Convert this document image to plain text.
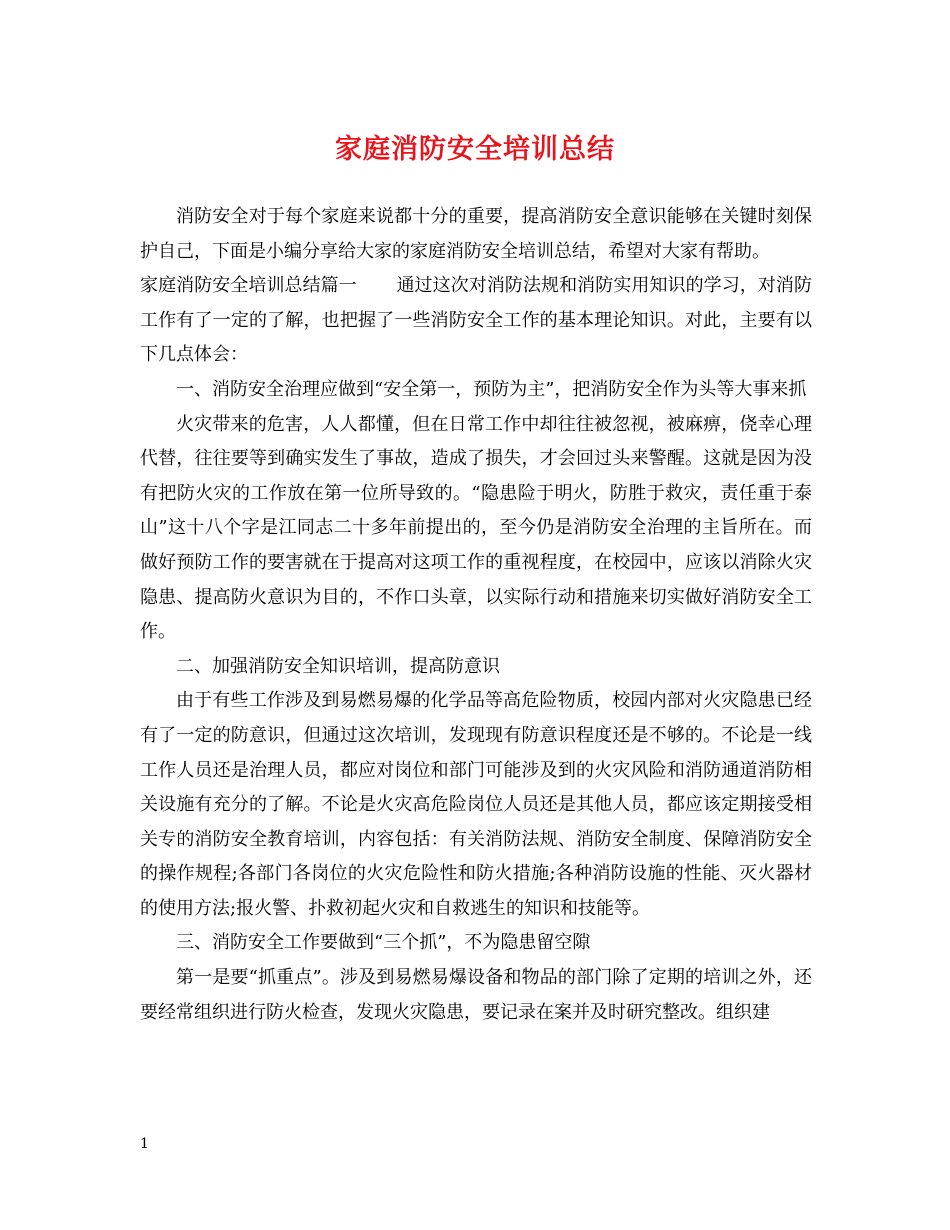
家庭消防安全培训总结

消防安全对于每个家庭来说都十分的重要，提高消防安全意识能够在关键时刻保护自己，下面是小编分享给大家的家庭消防安全培训总结，希望对大家有帮助。

家庭消防安全培训总结篇一 通过这次对消防法规和消防实用知识的学习，对消防工作有了一定的了解，也把握了一些消防安全工作的基本理论知识。对此，主要有以下几点体会：

一、消防安全治理应做到“安全第一，预防为主”，把消防安全作为头等大事来抓

火灾带来的危害，人人都懂，但在日常工作中却往往被忽视，被麻痹，侥幸心理代替，往往要等到确实发生了事故，造成了损失，才会回过头来警醒。这就是因为没有把防火灾的工作放在第一位所导致的。“隐患险于明火，防胜于救灾，责任重于泰山”这十八个字是江同志二十多年前提出的，至今仍是消防安全治理的主旨所在。而做好预防工作的要害就在于提高对这项工作的重视程度，在校园中，应该以消除火灾隐患、提高防火意识为目的，不作口头章，以实际行动和措施来切实做好消防安全工作。

二、加强消防安全知识培训，提高防意识

由于有些工作涉及到易燃易爆的化学品等高危险物质，校园内部对火灾隐患已经有了一定的防意识，但通过这次培训，发现现有防意识程度还是不够的。不论是一线工作人员还是治理人员，都应对岗位和部门可能涉及到的火灾风险和消防通道消防相关设施有充分的了解。不论是火灾高危险岗位人员还是其他人员，都应该定期接受相关专的消防安全教育培训，内容包括：有关消防法规、消防安全制度、保障消防安全的操作规程;各部门各岗位的火灾危险性和防火措施;各种消防设施的性能、灭火器材的使用方法;报火警、扑救初起火灾和自救逃生的知识和技能等。

三、消防安全工作要做到“三个抓”，不为隐患留空隙

第一是要“抓重点”。涉及到易燃易爆设备和物品的部门除了定期的培训之外，还要经常组织进行防火检查，发现火灾隐患，要记录在案并及时研究整改。组织建

1
